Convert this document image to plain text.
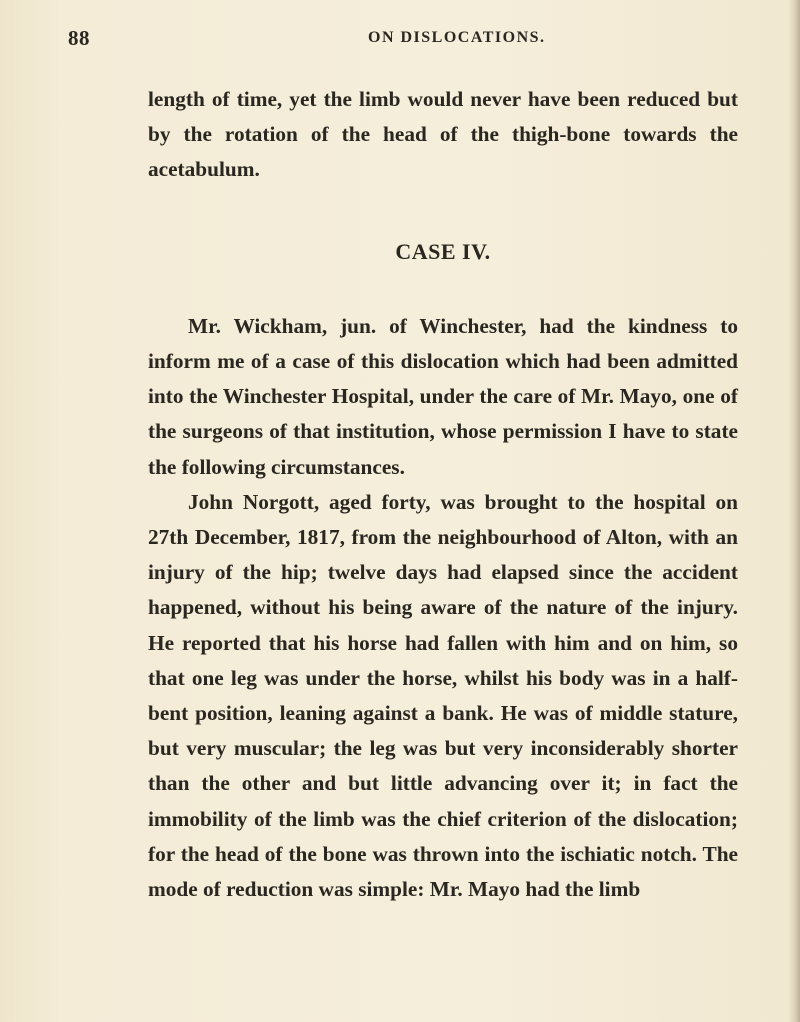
88	ON DISLOCATIONS.

length of time, yet the limb would never have been reduced but by the rotation of the head of the thigh-bone towards the acetabulum.

CASE IV.

Mr. Wickham, jun. of Winchester, had the kindness to inform me of a case of this dislocation which had been admitted into the Winchester Hospital, under the care of Mr. Mayo, one of the surgeons of that institution, whose permission I have to state the following circumstances.

John Norgott, aged forty, was brought to the hospital on 27th December, 1817, from the neighbourhood of Alton, with an injury of the hip; twelve days had elapsed since the accident happened, without his being aware of the nature of the injury. He reported that his horse had fallen with him and on him, so that one leg was under the horse, whilst his body was in a half-bent position, leaning against a bank. He was of middle stature, but very muscular; the leg was but very inconsiderably shorter than the other and but little advancing over it; in fact the immobility of the limb was the chief criterion of the dislocation; for the head of the bone was thrown into the ischiatic notch. The mode of reduction was simple: Mr. Mayo had the limb
